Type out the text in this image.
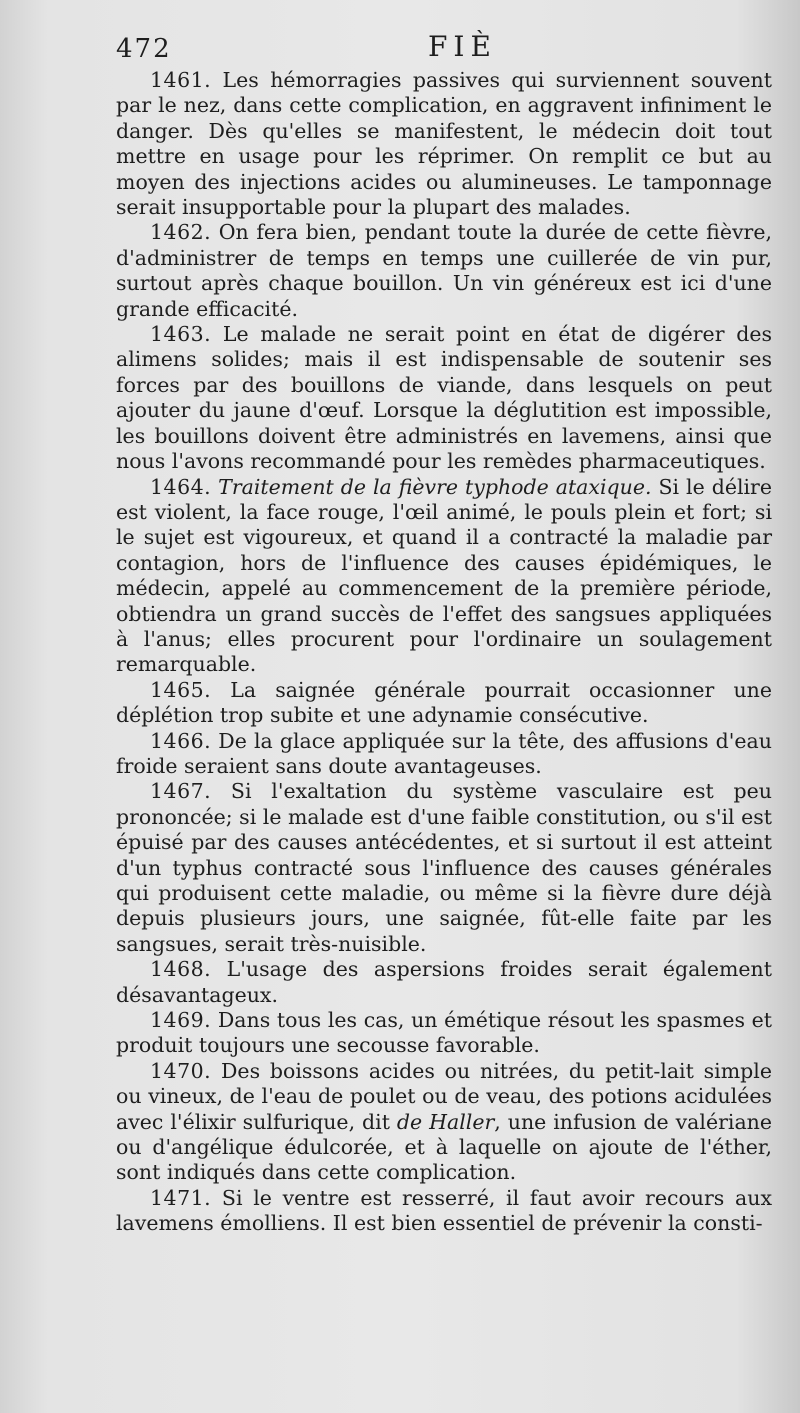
472	FIÈ

1461. Les hémorragies passives qui surviennent souvent par le nez, dans cette complication, en aggravent infiniment le danger. Dès qu'elles se manifestent, le médecin doit tout mettre en usage pour les réprimer. On remplit ce but au moyen des injections acides ou alumineuses. Le tamponnage serait insupportable pour la plupart des malades.

1462. On fera bien, pendant toute la durée de cette fièvre, d'administrer de temps en temps une cuillerée de vin pur, surtout après chaque bouillon. Un vin généreux est ici d'une grande efficacité.

1463. Le malade ne serait point en état de digérer des alimens solides; mais il est indispensable de soutenir ses forces par des bouillons de viande, dans lesquels on peut ajouter du jaune d'œuf. Lorsque la déglutition est impossible, les bouillons doivent être administrés en lavemens, ainsi que nous l'avons recommandé pour les remèdes pharmaceutiques.

1464. Traitement de la fièvre typhode ataxique. Si le délire est violent, la face rouge, l'œil animé, le pouls plein et fort; si le sujet est vigoureux, et quand il a contracté la maladie par contagion, hors de l'influence des causes épidémiques, le médecin, appelé au commencement de la première période, obtiendra un grand succès de l'effet des sangsues appliquées à l'anus; elles procurent pour l'ordinaire un soulagement remarquable.

1465. La saignée générale pourrait occasionner une déplétion trop subite et une adynamie consécutive.

1466. De la glace appliquée sur la tête, des affusions d'eau froide seraient sans doute avantageuses.

1467. Si l'exaltation du système vasculaire est peu prononcée; si le malade est d'une faible constitution, ou s'il est épuisé par des causes antécédentes, et si surtout il est atteint d'un typhus contracté sous l'influence des causes générales qui produisent cette maladie, ou même si la fièvre dure déjà depuis plusieurs jours, une saignée, fût-elle faite par les sangsues, serait très-nuisible.

1468. L'usage des aspersions froides serait également désavantageux.

1469. Dans tous les cas, un émétique résout les spasmes et produit toujours une secousse favorable.

1470. Des boissons acides ou nitrées, du petit-lait simple ou vineux, de l'eau de poulet ou de veau, des potions acidulées avec l'élixir sulfurique, dit de Haller, une infusion de valériane ou d'angélique édulcorée, et à laquelle on ajoute de l'éther, sont indiqués dans cette complication.

1471. Si le ventre est resserré, il faut avoir recours aux lavemens émolliens. Il est bien essentiel de prévenir la consti-
